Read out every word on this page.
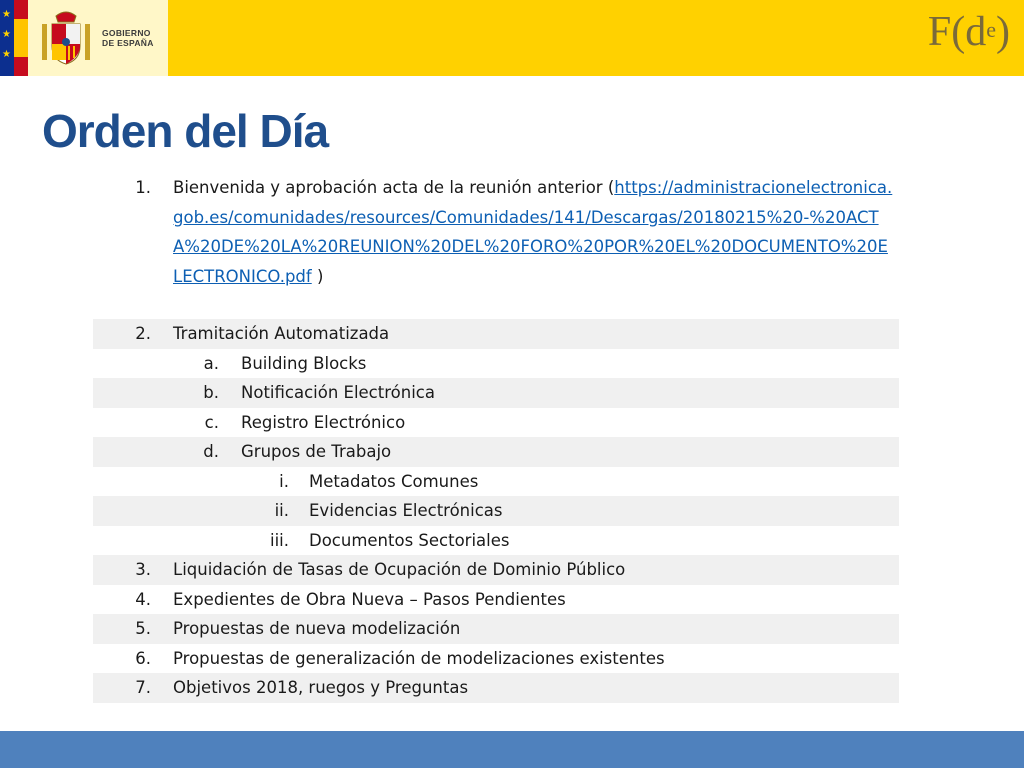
★
★
★
GOBIERNO
DE ESPAÑA	$F(d^e)$
Orden del Día
1. Bienvenida y aprobación acta de la reunión anterior (https://administracionelectronica.gob.es/comunidades/resources/Comunidades/141/Descargas/20180215%20-%20ACTA%20DE%20LA%20REUNION%20DEL%20FORO%20POR%20EL%20DOCUMENTO%20ELECTRONICO.pdf )
2. Tramitación Automatizada
a. Building Blocks
b. Notificación Electrónica
c. Registro Electrónico
d. Grupos de Trabajo
i. Metadatos Comunes
ii. Evidencias Electrónicas
iii. Documentos Sectoriales
3. Liquidación de Tasas de Ocupación de Dominio Público
4. Expedientes de Obra Nueva – Pasos Pendientes
5. Propuestas de nueva modelización
6. Propuestas de generalización de modelizaciones existentes
7. Objetivos 2018, ruegos y Preguntas
